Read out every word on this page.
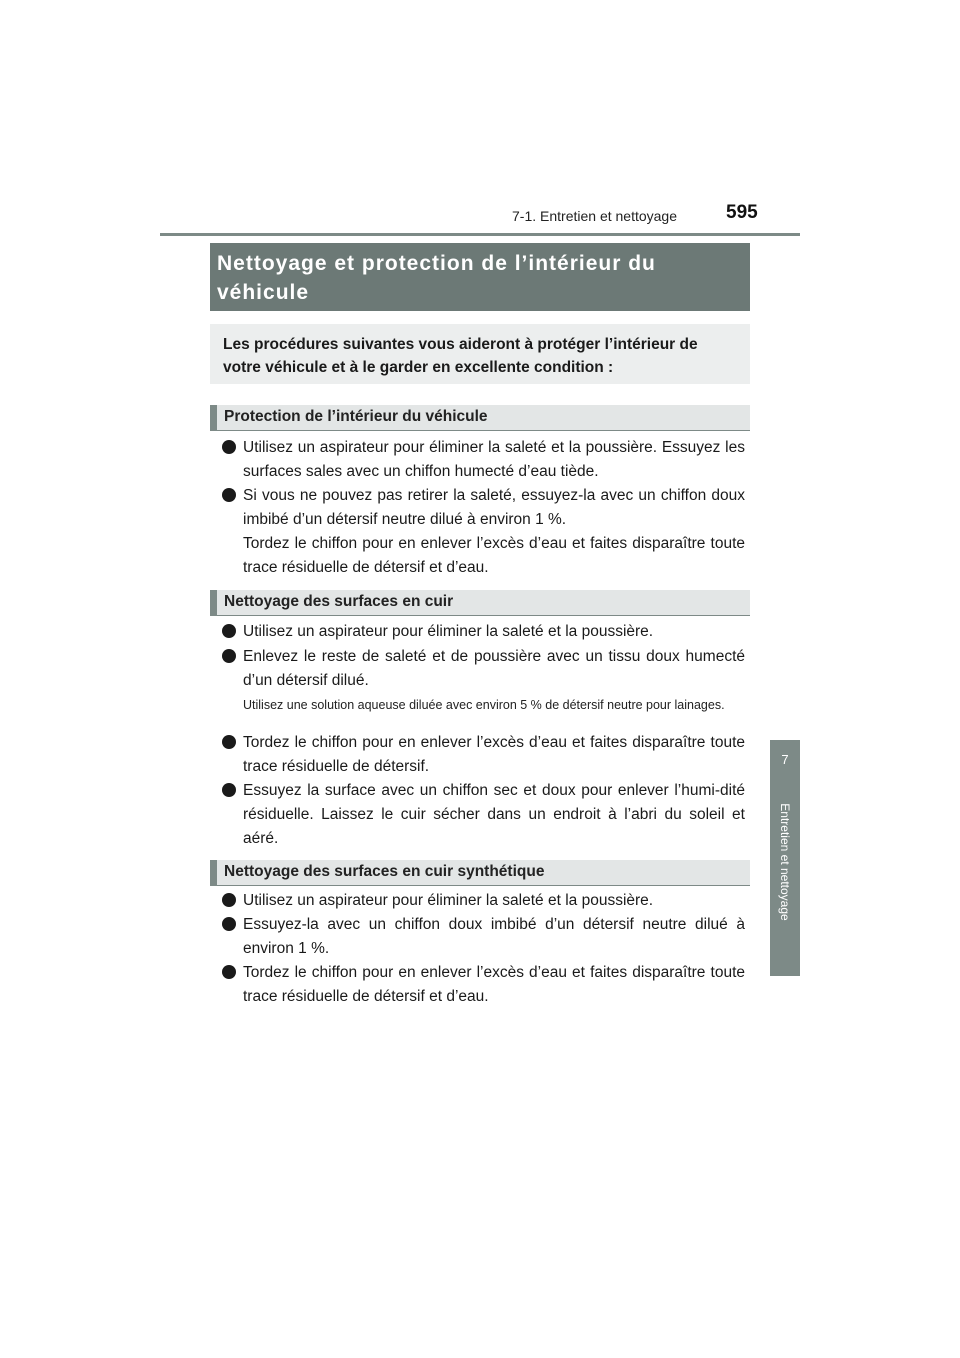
7-1. Entretien et nettoyage	595
7
Entretien et nettoyage
Nettoyage et protection de l’intérieur du véhicule
Les procédures suivantes vous aideront à protéger l’intérieur de votre véhicule et à le garder en excellente condition :
Protection de l’intérieur du véhicule
Utilisez un aspirateur pour éliminer la saleté et la poussière. Essuyez les surfaces sales avec un chiffon humecté d’eau tiède.
Si vous ne pouvez pas retirer la saleté, essuyez-la avec un chiffon doux imbibé d’un détersif neutre dilué à environ 1 %.
Tordez le chiffon pour en enlever l’excès d’eau et faites disparaître toute trace résiduelle de détersif et d’eau.
Nettoyage des surfaces en cuir
Utilisez un aspirateur pour éliminer la saleté et la poussière.
Enlevez le reste de saleté et de poussière avec un tissu doux humecté d’un détersif dilué.
Utilisez une solution aqueuse diluée avec environ 5 % de détersif neutre pour lainages.
Tordez le chiffon pour en enlever l’excès d’eau et faites disparaître toute trace résiduelle de détersif.
Essuyez la surface avec un chiffon sec et doux pour enlever l’humi-dité résiduelle. Laissez le cuir sécher dans un endroit à l’abri du soleil et aéré.
Nettoyage des surfaces en cuir synthétique
Utilisez un aspirateur pour éliminer la saleté et la poussière.
Essuyez-la avec un chiffon doux imbibé d’un détersif neutre dilué à environ 1 %.
Tordez le chiffon pour en enlever l’excès d’eau et faites disparaître toute trace résiduelle de détersif et d’eau.
